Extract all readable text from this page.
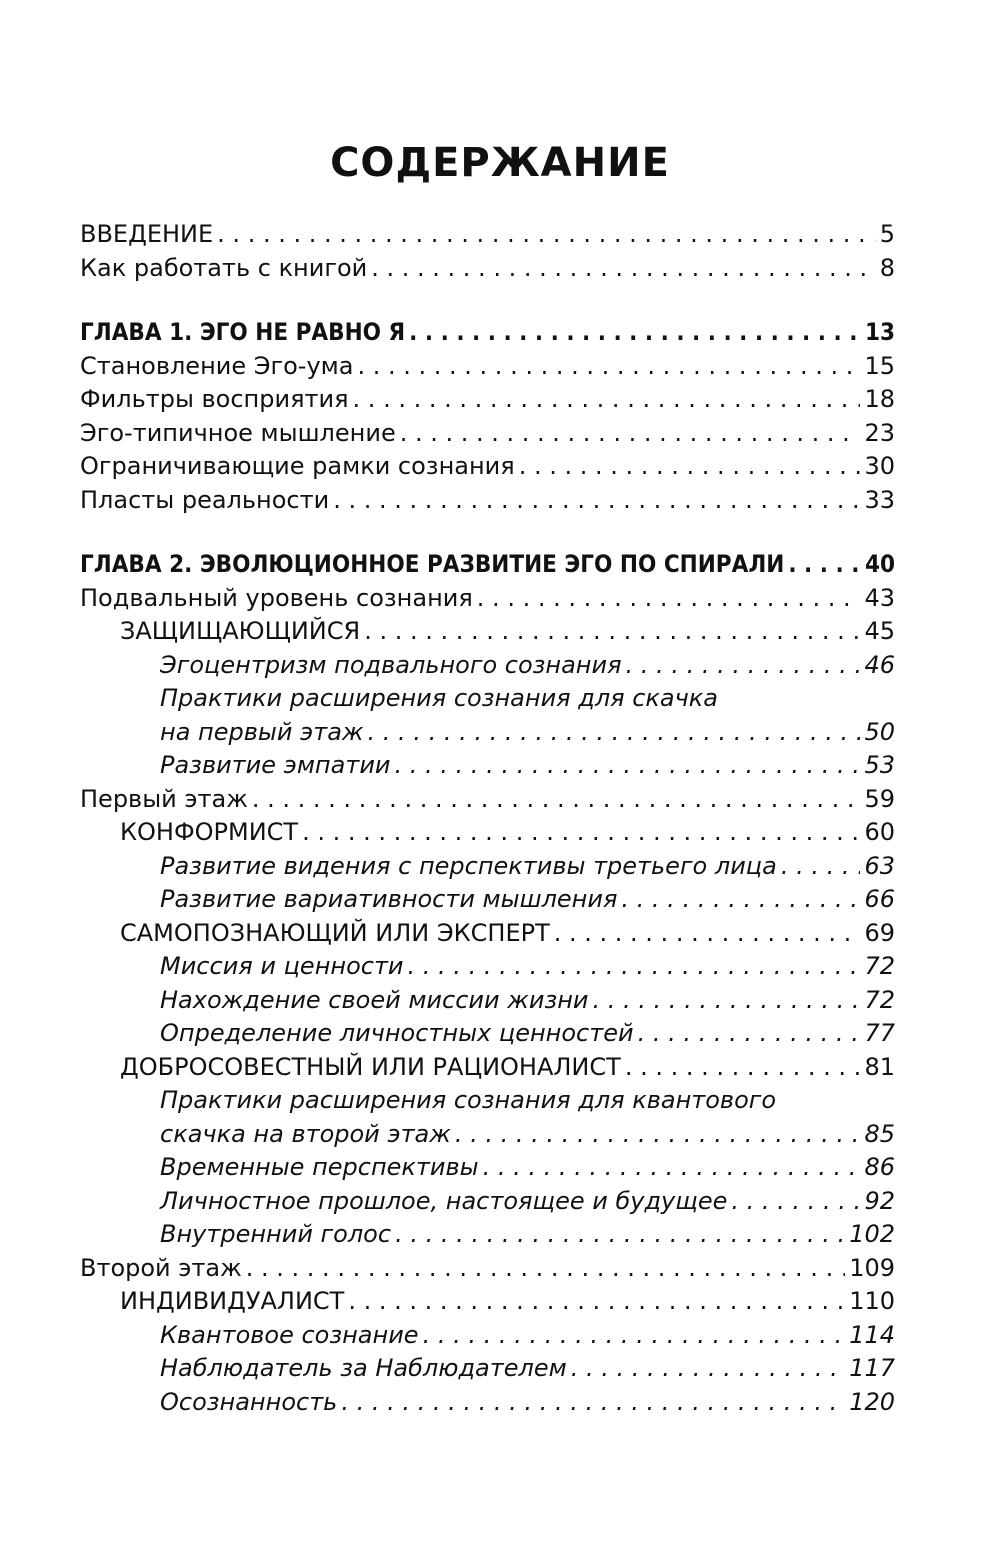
СОДЕРЖАНИЕ
ВВЕДЕНИЕ . . .	5
Как работать с книгой . . .	8
ГЛАВА 1. ЭГО НЕ РАВНО Я . . .	13
Становление Эго-ума . . .	15
Фильтры восприятия . . .	18
Эго-типичное мышление . . .	23
Ограничивающие рамки сознания . . .	30
Пласты реальности . . .	33
ГЛАВА 2. ЭВОЛЮЦИОННОЕ РАЗВИТИЕ ЭГО ПО СПИРАЛИ . . .	40
Подвальный уровень сознания . . .	43
ЗАЩИЩАЮЩИЙСЯ . . .	45
Эгоцентризм подвального сознания . . .	46
Практики расширения сознания для скачка
на первый этаж . . .	50
Развитие эмпатии . . .	53
Первый этаж . . .	59
КОНФОРМИСТ . . .	60
Развитие видения с перспективы третьего лица . . .	63
Развитие вариативности мышления . . .	66
САМОПОЗНАЮЩИЙ ИЛИ ЭКСПЕРТ . . .	69
Миссия и ценности . . .	72
Нахождение своей миссии жизни . . .	72
Определение личностных ценностей . . .	77
ДОБРОСОВЕСТНЫЙ ИЛИ РАЦИОНАЛИСТ . . .	81
Практики расширения сознания для квантового
скачка на второй этаж . . .	85
Временные перспективы . . .	86
Личностное прошлое, настоящее и будущее . . .	92
Внутренний голос . . .	102
Второй этаж . . .	109
ИНДИВИДУАЛИСТ . . .	110
Квантовое сознание . . .	114
Наблюдатель за Наблюдателем . . .	117
Осознанность . . .	120
